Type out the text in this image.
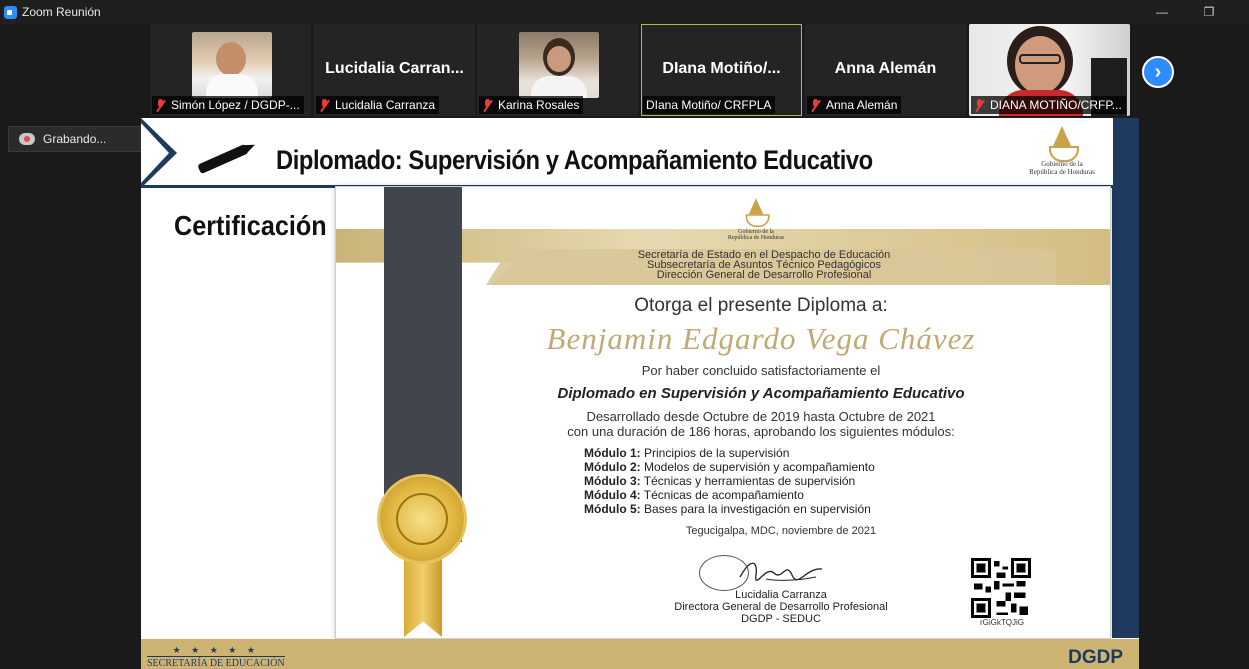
Zoom Reunión	—	❐
Simón López / DGDP-...
Lucidalia Carran...
Lucidalia Carranza	Karina Rosales
DIana Motiño/...
DIana Motiño/ CRFPLA
Anna Alemán
Anna Alemán	DIANA MOTIÑO/CRFP...
›
Grabando...
Diplomado: Supervisión y Acompañamiento Educativo	Gobierno de la
República de Honduras
Certificación	Gobierno de la
República de Honduras
Secretaría de Estado en el Despacho de Educación
Subsecretaría de Asuntos Técnico Pedagógicos
Dirección General de Desarrollo Profesional
Otorga el presente Diploma a:
Benjamin Edgardo Vega Chávez
Por haber concluido satisfactoriamente el
Diplomado en Supervisión y Acompañamiento Educativo
Desarrollado desde Octubre de 2019 hasta Octubre de 2021
con una duración de 186 horas, aprobando los siguientes módulos:
Módulo 1: Principios de la supervisión
Módulo 2: Modelos de supervisión y acompañamiento
Módulo 3: Técnicas y herramientas de supervisión
Módulo 4: Técnicas de acompañamiento
Módulo 5: Bases para la investigación en supervisión
Tegucigalpa, MDC, noviembre de 2021
Lucidalia Carranza
Directora General de Desarrollo Profesional
DGDP - SEDUC	rGiGkTQJiG
★ ★ ★ ★ ★
SECRETARÍA DE EDUCACIÓN	DGDP
